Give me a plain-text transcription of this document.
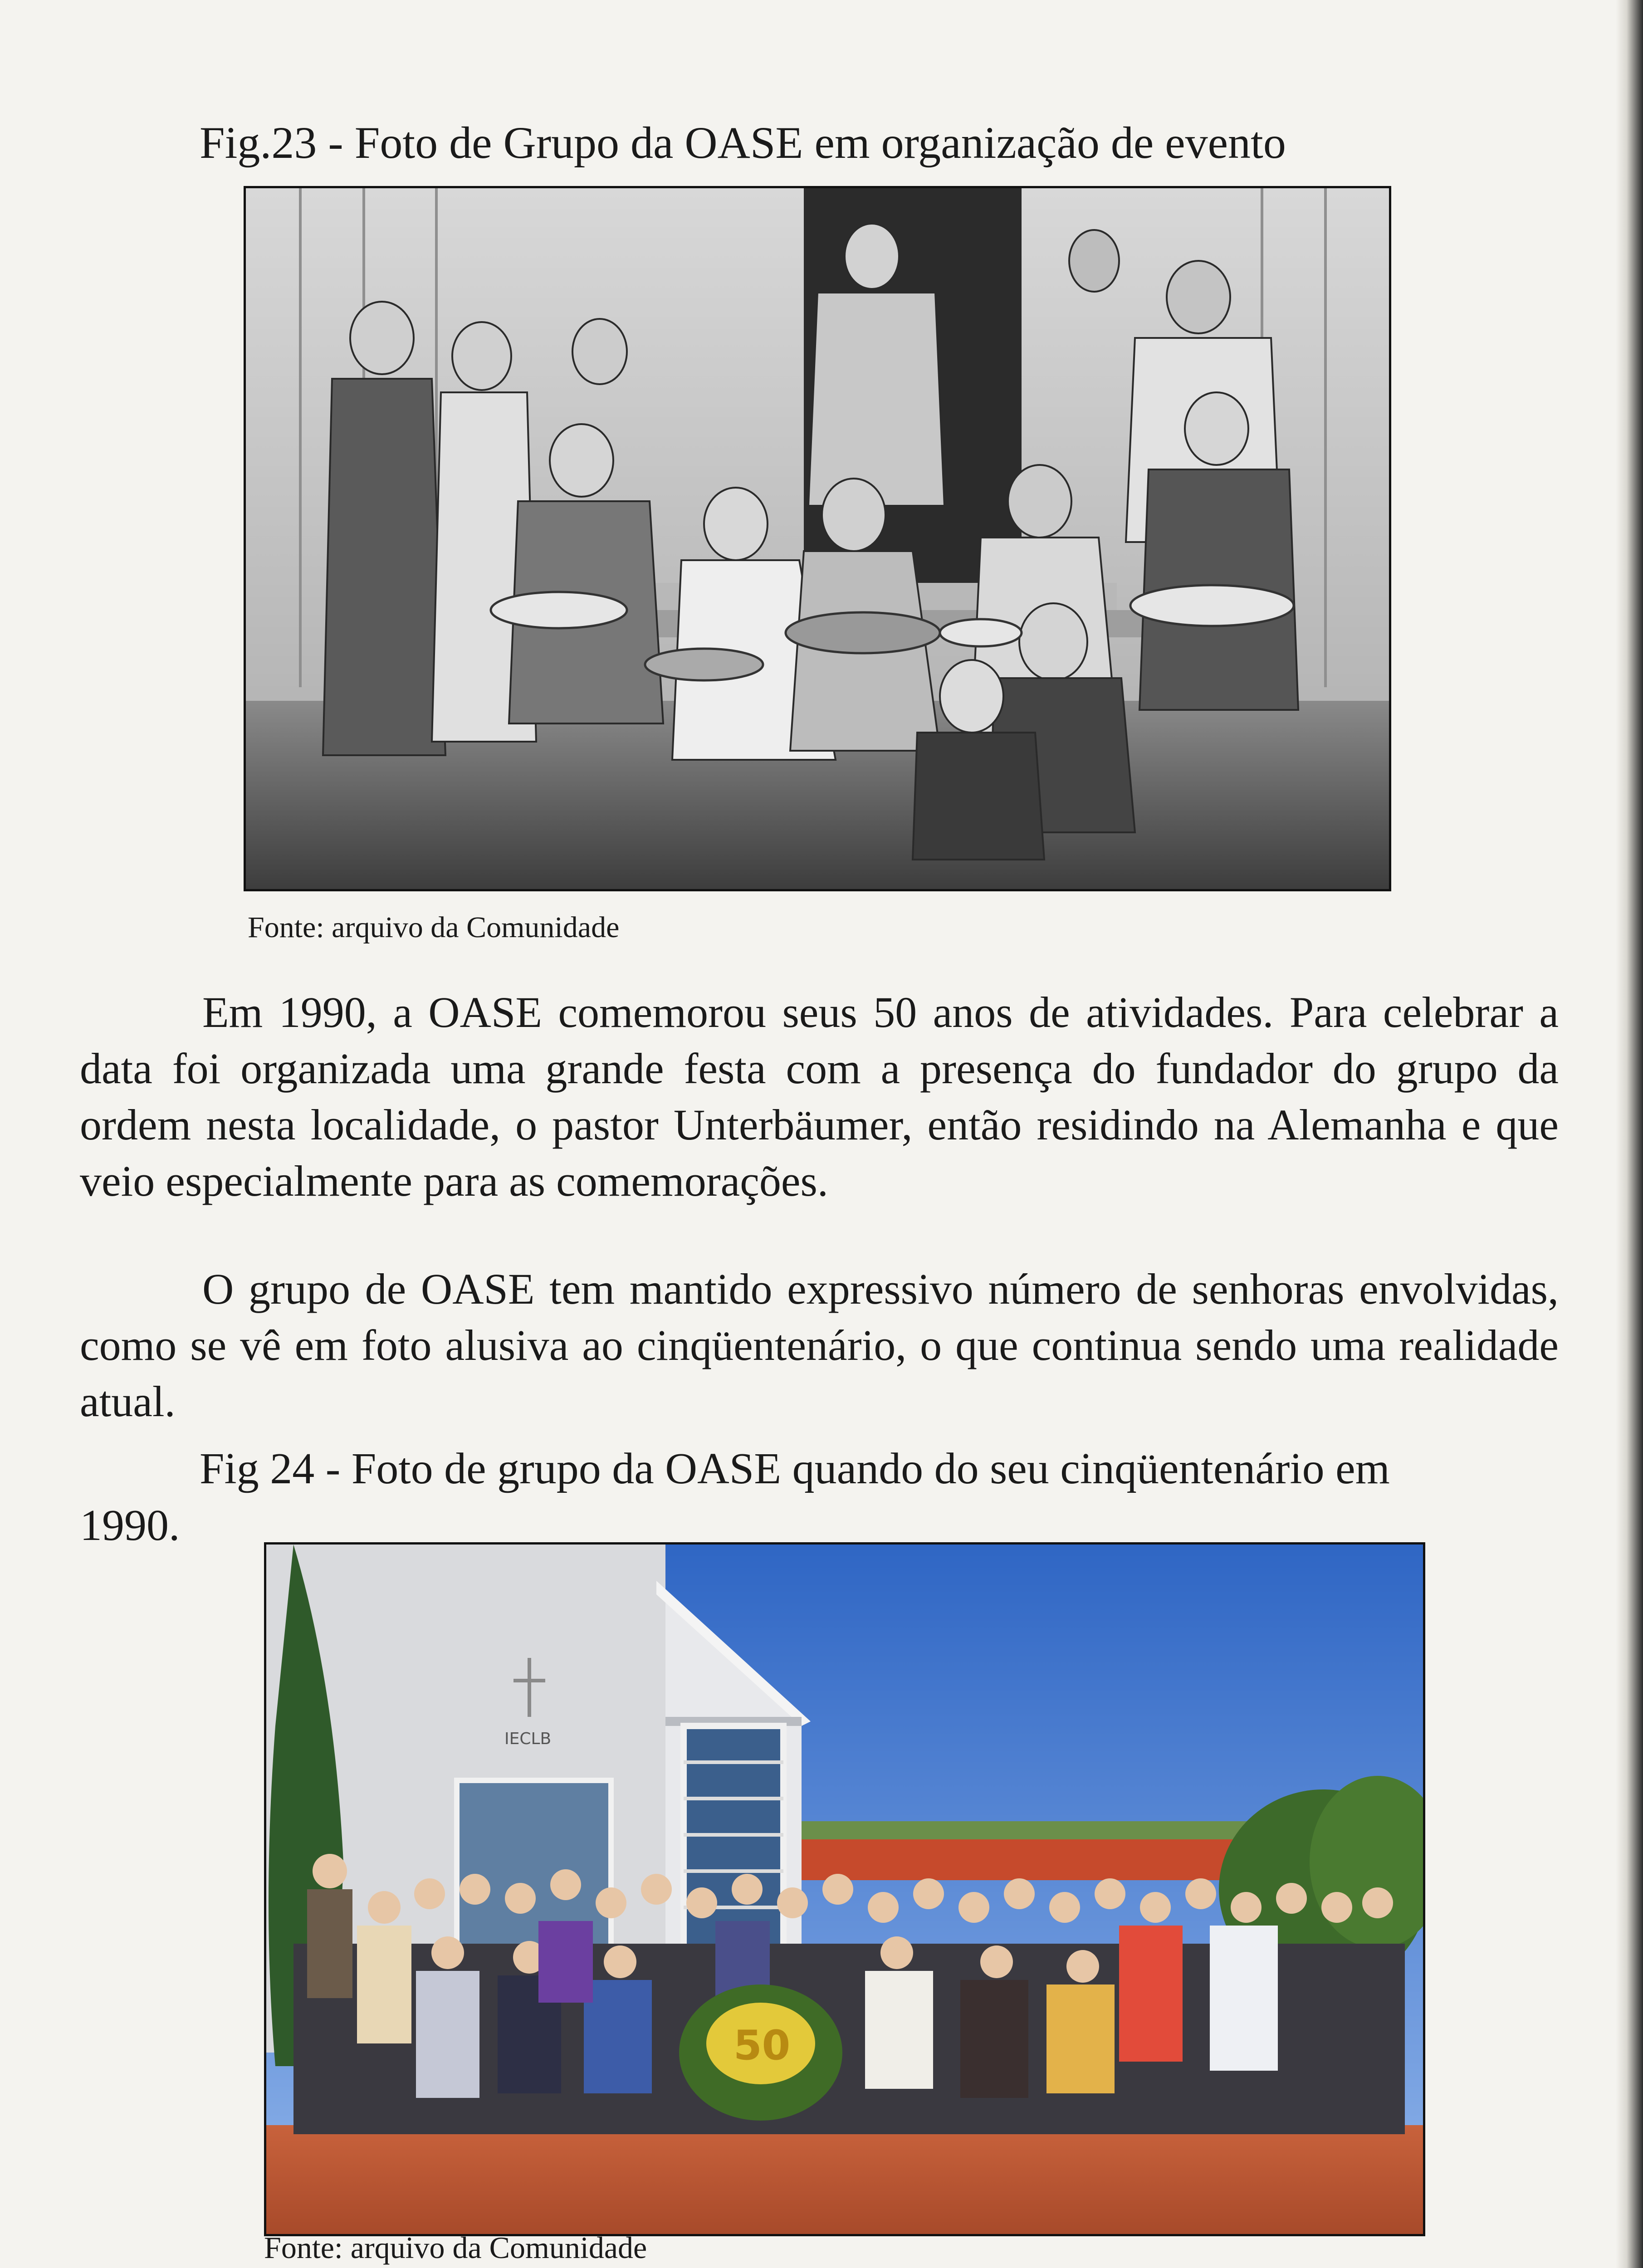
Fig.23 - Foto de Grupo da OASE em organização de evento
Fonte: arquivo da Comunidade

Em 1990, a OASE comemorou seus 50 anos de atividades. Para celebrar a data foi organizada uma grande festa com a presença do fundador do grupo da ordem nesta localidade, o pastor Unterbäumer, então residindo na Alemanha e que veio especialmente para as comemorações.

O grupo de OASE tem mantido expressivo número de senhoras envolvidas, como se vê em foto alusiva ao cinqüentenário, o que continua sendo uma realidade atual.

Fig 24 - Foto de grupo da OASE quando do seu cinqüentenário em
1990.
IECLB
50
Fonte: arquivo da Comunidade
